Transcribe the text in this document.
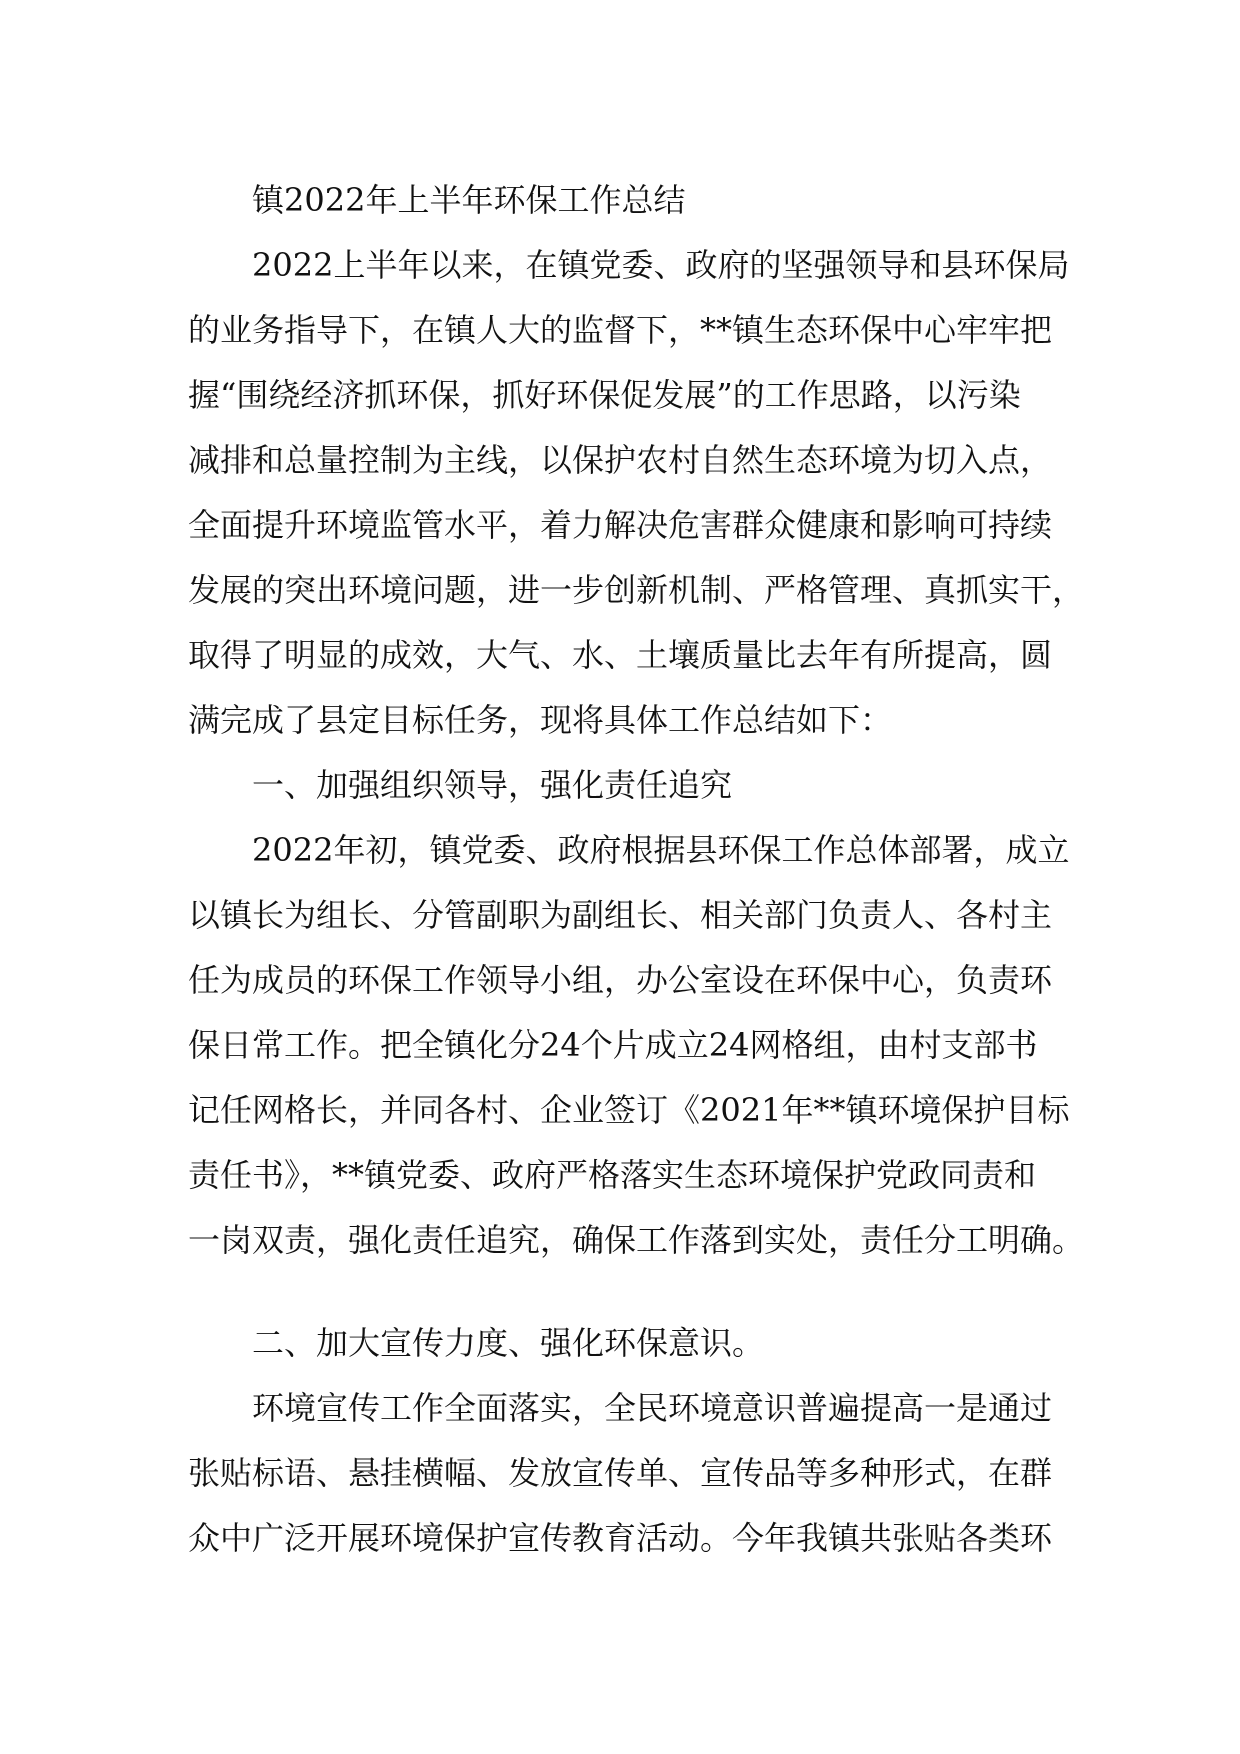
镇2022年上半年环保工作总结
2022上半年以来，在镇党委、政府的坚强领导和县环保局
的业务指导下，在镇人大的监督下，**镇生态环保中心牢牢把
握“围绕经济抓环保，抓好环保促发展”的工作思路，以污染
减排和总量控制为主线，以保护农村自然生态环境为切入点，
全面提升环境监管水平，着力解决危害群众健康和影响可持续
发展的突出环境问题，进一步创新机制、严格管理、真抓实干，
取得了明显的成效，大气、水、土壤质量比去年有所提高，圆
满完成了县定目标任务，现将具体工作总结如下：
一、加强组织领导，强化责任追究
2022年初，镇党委、政府根据县环保工作总体部署，成立
以镇长为组长、分管副职为副组长、相关部门负责人、各村主
任为成员的环保工作领导小组，办公室设在环保中心，负责环
保日常工作。把全镇化分24个片成立24网格组，由村支部书
记任网格长，并同各村、企业签订《2021年**镇环境保护目标
责任书》，**镇党委、政府严格落实生态环境保护党政同责和
一岗双责，强化责任追究，确保工作落到实处，责任分工明确。
二、加大宣传力度、强化环保意识。
环境宣传工作全面落实，全民环境意识普遍提高一是通过
张贴标语、悬挂横幅、发放宣传单、宣传品等多种形式，在群
众中广泛开展环境保护宣传教育活动。今年我镇共张贴各类环
